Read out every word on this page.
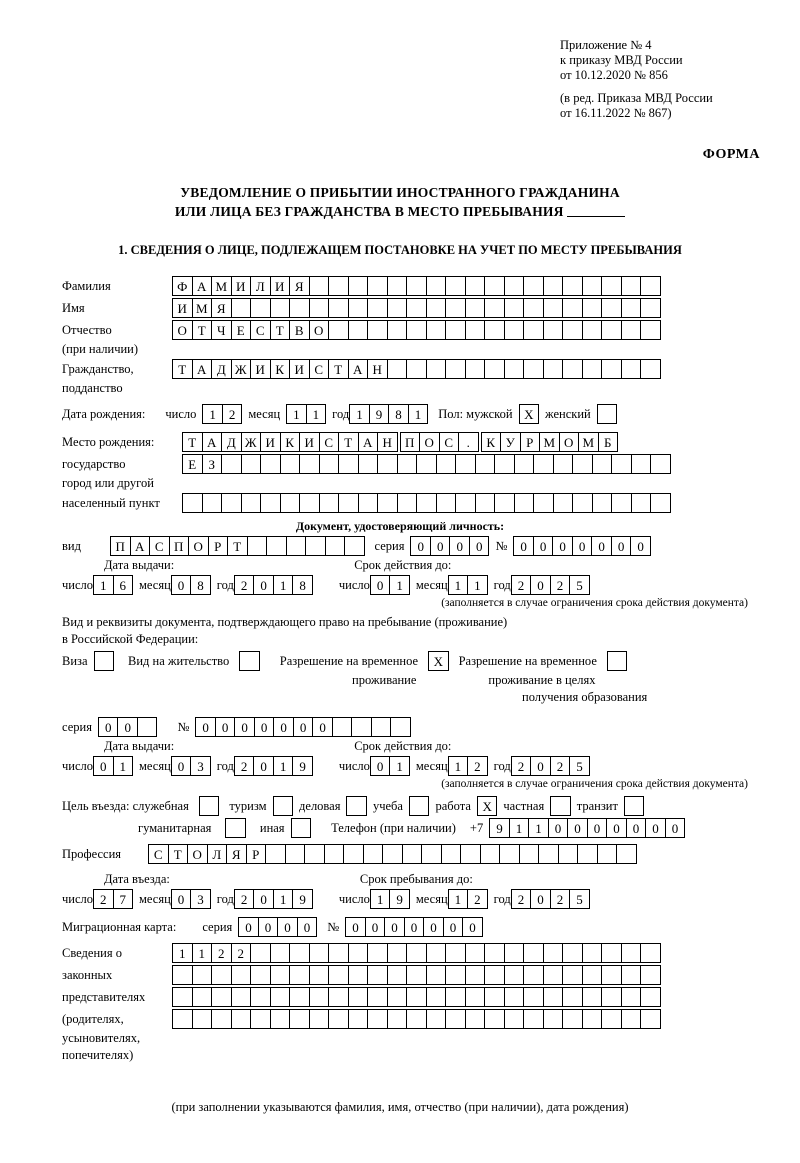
Приложение № 4
к приказу МВД России
от 10.12.2020 № 856
(в ред. Приказа МВД России
от 16.11.2022 № 867)
ФОРМА
УВЕДОМЛЕНИЕ О ПРИБЫТИИ ИНОСТРАННОГО ГРАЖДАНИНА
ИЛИ ЛИЦА БЕЗ ГРАЖДАНСТВА В МЕСТО ПРЕБЫВАНИЯ
1. СВЕДЕНИЯ О ЛИЦЕ, ПОДЛЕЖАЩЕМ ПОСТАНОВКЕ НА УЧЕТ ПО МЕСТУ ПРЕБЫВАНИЯ
Фамилия	Ф А М И Л И Я
Имя	И М Я
Отчество	О Т Ч Е С Т В О
(при наличии)
Гражданство,	Т А Д Ж И К И С Т А Н
подданство
Дата рождения: число	1	2	месяц	1	1	год 1	9	8	1	Пол: мужской X женский
Место рождения:	Т А Д Ж И К И С Т А Н	П О С	.	К У Р М О М Б
государство	Е З
город или другой
населенный пункт
Документ, удостоверяющий личность:
вид	П А С П О Р Т	серия	0	0	0	0	№	0	0	0	0	0	0	0
Дата выдачи:	Срок действия до:
число 1	6	месяц 0	8	год 2	0	1	8	число 0	1	месяц 1	1	год 2	0	2	5
(заполняется в случае ограничения срока действия документа)
Вид и реквизиты документа, подтверждающего право на пребывание (проживание)
в Российской Федерации:
Виза	Вид на жительство	Разрешение на временное	X	Разрешение на временное
проживание	проживание в целях
получения образования
серия	0	0	№	0	0	0	0	0	0	0
Дата выдачи:	Срок действия до:
число 0	1	месяц 0	3	год 2	0	1	9	число 0	1	месяц 1	2	год 2	0	2	5
(заполняется в случае ограничения срока действия документа)
Цель въезда: служебная	туризм	деловая	учеба	работа X частная	транзит
гуманитарная	иная	Телефон (при наличии) +7	9	1	1	0	0	0	0	0	0	0
Профессия	С Т О Л Я Р
Дата въезда:	Срок пребывания до:
число 2	7	месяц 0	3	год 2	0	1	9	число 1	9	месяц 1	2	год 2	0	2	5
Миграционная карта: серия	0	0	0	0	№	0	0	0	0	0	0	0
Сведения о	1	1	2	2
законных
представителях
(родителях,
усыновителях,
попечителях)
(при заполнении указываются фамилия, имя, отчество (при наличии), дата рождения)
